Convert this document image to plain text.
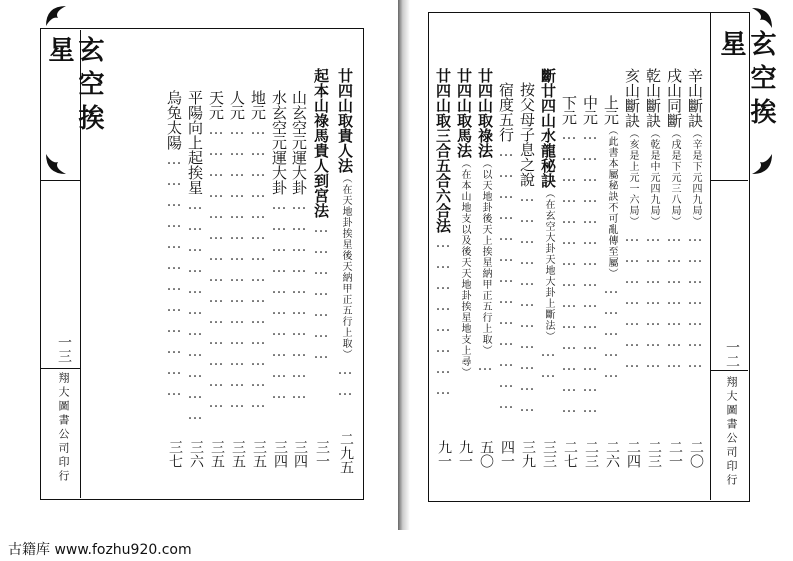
玄空挨星
一三
翔大圖書公司印行
廿四山取貴人法（在天地卦挨星後天納甲正五行上取）……
二九五
起本山祿馬貴人到宮法…………………
三一
山玄空元運大卦…………………………
三四
水玄空元運大卦…………………………
三四
地元……………………………………
三五
人元……………………………………
三五
天元……………………………………
三五
平陽向上起挨星……………………………
三六
烏兔太陽………………………………
三七
玄空挨星
一二
翔大圖書公司印行
辛山斷訣（辛是下元四九局）…………………
二〇
戌山同斷（戌是下元三八局）…………………
二一
乾山斷訣（乾是中元四九局）…………………
二三
亥山斷訣（亥是上元一六局）…………………
二四
上元（此書本屬秘訣不可亂傳至屬）……………
二六
中元……………………………………
二三
下元……………………………………
二七
斷廿四山水龍秘訣（在玄空大卦天地大卦上斷法）……
三三
按父母子息之說……………………………
三九
宿度五行…………………………………
四一
廿四山取祿法（以天地卦後天上挨星納甲正五行上取）…
五〇
廿四山取馬法（在本山地支以及後天天地卦挨星地支上尋）
九一
廿四山取三合五合六合法……………………
九一
古籍库 www.fozhu920.com
